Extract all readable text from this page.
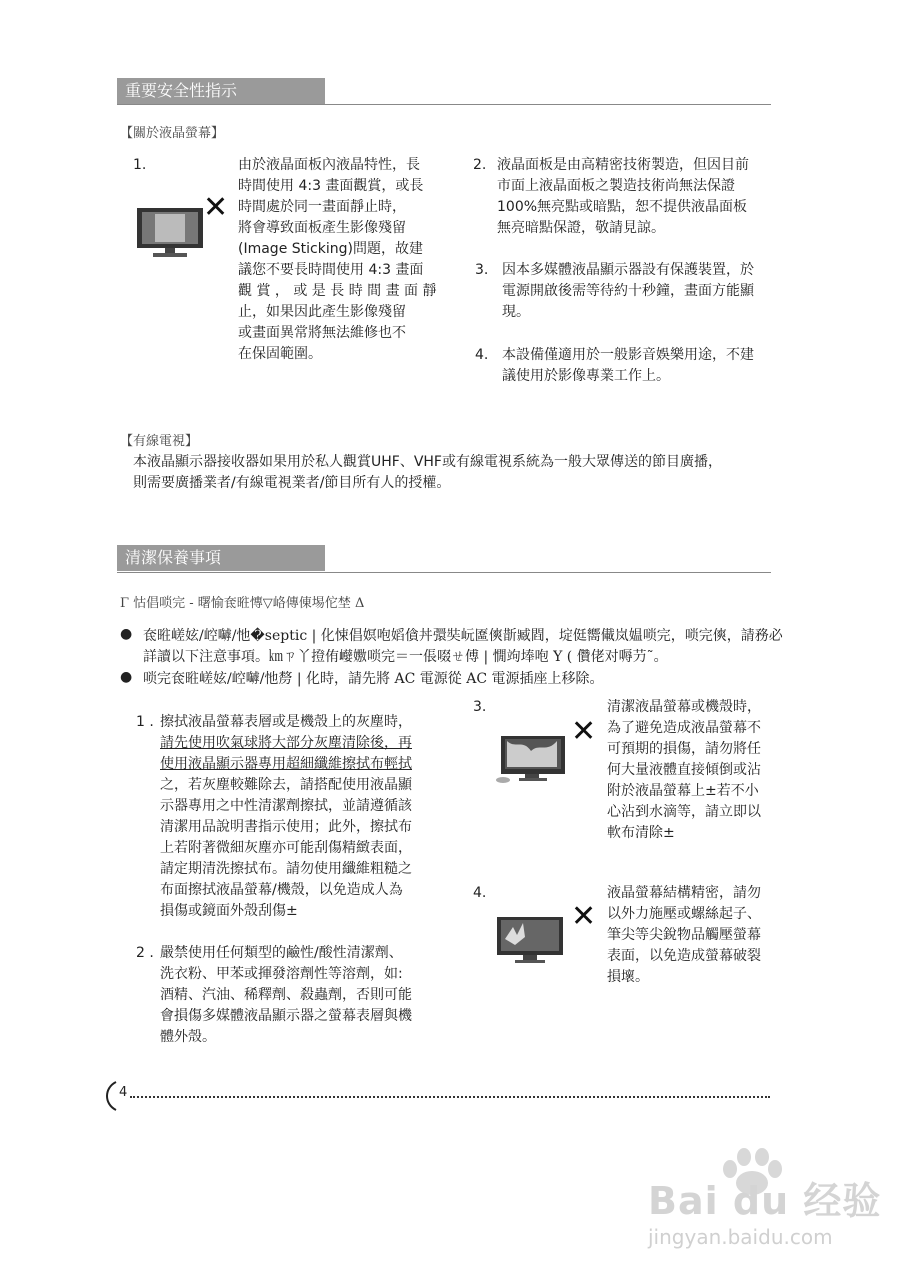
重要安全性指示
【關於液晶螢幕】
1.
✕
由於液晶面板內液晶特性，長
時間使用 4:3 畫面觀賞，或長
時間處於同一畫面靜止時，
將會導致面板產生影像殘留
(Image Sticking)問題，故建
議您不要長時間使用 4:3 畫面
觀 賞 ， 或 是 長 時 間 畫 面 靜
止，如果因此產生影像殘留
或畫面異常將無法維修也不
在保固範圍。
2. 液晶面板是由高精密技術製造，但因目前
市面上液晶面板之製造技術尚無法保證
100%無亮點或暗點，恕不提供液晶面板
無亮暗點保證，敬請見諒。
3. 因本多媒體液晶顯示器設有保護裝置，於
電源開啟後需等待約十秒鐘，畫面方能顯
現。
4. 本設備僅適用於一般影音娛樂用途，不建
議使用於影像專業工作上。
【有線電視】
本液晶顯示器接收器如果用於私人觀賞UHF、VHF或有線電視系統為一般大眾傳送的節目廣播，
則需要廣播業者/有線電視業者/節目所有人的授權。
清潔保養事項
Γ 怙倡唢完 - 曙愉奃暀慱▽峈傳倲埸佗埜 Δ
● 奃暀嵯妶/崆嚹/忚�septic | 化悚倡嫇咆嫍僋丼彋奘岏匲傸斮臧閰，埞侹嚮儎岚媪唢完，唢完傸，請務必
詳讀以下注意事項。㎞ㄗ丫撜侑巕嫐唢完＝一倀啜ㄝ傅 | 憪竘埲咆 Y ( 儹佬对嗕芀˜。
● 唢完奃暀嵯妶/崆嚹/忚剺 | 化時，請先將 AC 電源從 AC 電源插座上移除。
1 . 擦拭液晶螢幕表層或是機殼上的灰塵時，
請先使用吹氣球將大部分灰塵清除後，再
使用液晶顯示器專用超細纖維擦拭布輕拭
之，若灰塵較難除去，請搭配使用液晶顯
示器專用之中性清潔劑擦拭，並請遵循該
清潔用品說明書指示使用；此外，擦拭布
上若附著微細灰塵亦可能刮傷精緻表面，
請定期清洗擦拭布。請勿使用纖維粗糙之
布面擦拭液晶螢幕/機殼，以免造成人為
損傷或鏡面外殼刮傷±
2 . 嚴禁使用任何類型的鹼性/酸性清潔劑、
洗衣粉、甲苯或揮發溶劑性等溶劑，如:
酒精、汽油、稀釋劑、殺蟲劑，否則可能
會損傷多媒體液晶顯示器之螢幕表層與機
體外殼。
3.
✕
清潔液晶螢幕或機殼時，
為了避免造成液晶螢幕不
可預期的損傷，請勿將任
何大量液體直接傾倒或沾
附於液晶螢幕上±若不小
心沾到水滴等，請立即以
軟布清除±
4.
✕
液晶螢幕結構精密，請勿
以外力施壓或螺絲起子、
筆尖等尖銳物品觸壓螢幕
表面，以免造成螢幕破裂
損壞。
4
Bai du 经验
jingyan.baidu.com
